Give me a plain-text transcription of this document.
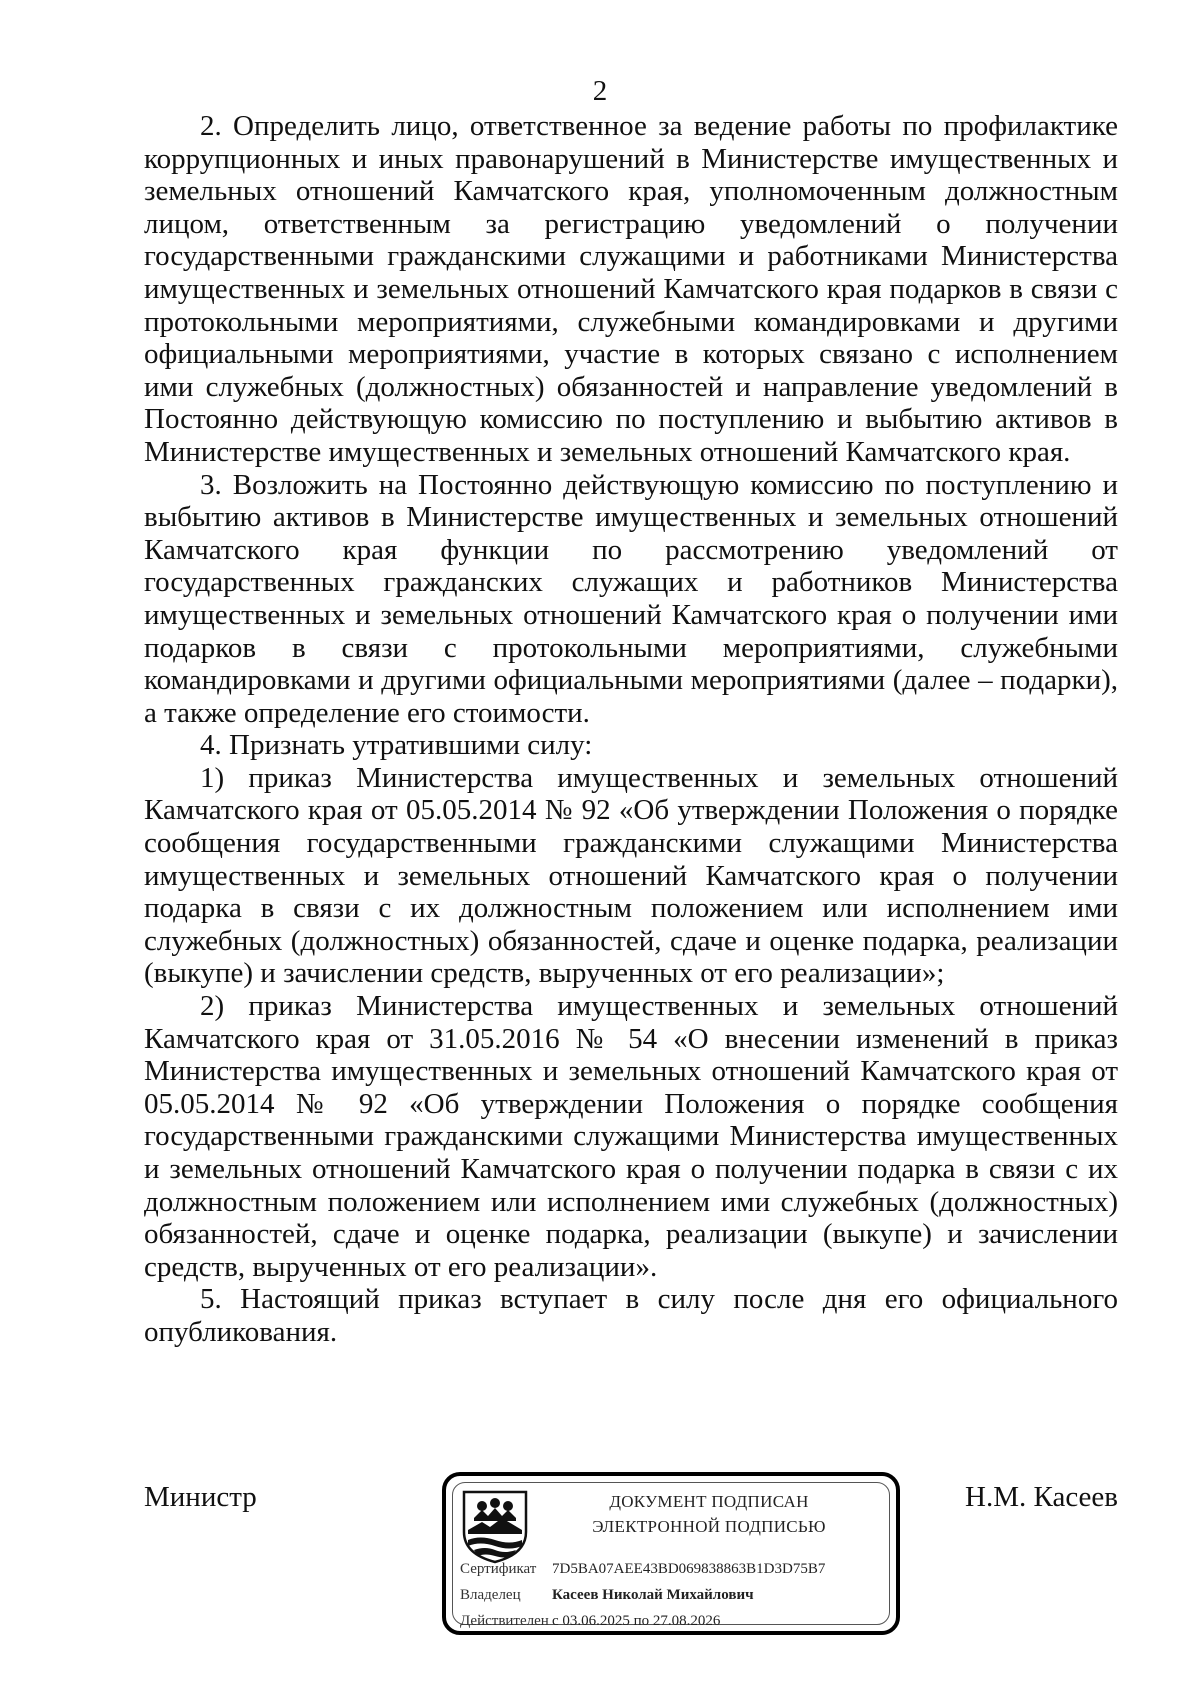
2

2. Определить лицо, ответственное за ведение работы по профилактике коррупционных и иных правонарушений в Министерстве имущественных и земельных отношений Камчатского края, уполномоченным должностным лицом, ответственным за регистрацию уведомлений о получении государственными гражданскими служащими и работниками Министерства имущественных и земельных отношений Камчатского края подарков в связи с протокольными мероприятиями, служебными командировками и другими официальными мероприятиями, участие в которых связано с исполнением ими служебных (должностных) обязанностей и направление уведомлений в Постоянно действующую комиссию по поступлению и выбытию активов в Министерстве имущественных и земельных отношений Камчатского края.

3. Возложить на Постоянно действующую комиссию по поступлению и выбытию активов в Министерстве имущественных и земельных отношений Камчатского края функции по рассмотрению уведомлений от государственных гражданских служащих и работников Министерства имущественных и земельных отношений Камчатского края о получении ими подарков в связи с протокольными мероприятиями, служебными командировками и другими официальными мероприятиями (далее – подарки), а также определение его стоимости.

4. Признать утратившими силу:

1) приказ Министерства имущественных и земельных отношений Камчатского края от 05.05.2014 № 92 «Об утверждении Положения о порядке сообщения государственными гражданскими служащими Министерства имущественных и земельных отношений Камчатского края о получении подарка в связи с их должностным положением или исполнением ими служебных (должностных) обязанностей, сдаче и оценке подарка, реализации (выкупе) и зачислении средств, вырученных от его реализации»;

2) приказ Министерства имущественных и земельных отношений Камчатского края от 31.05.2016 № 54 «О внесении изменений в приказ Министерства имущественных и земельных отношений Камчатского края от 05.05.2014 № 92 «Об утверждении Положения о порядке сообщения государственными гражданскими служащими Министерства имущественных и земельных отношений Камчатского края о получении подарка в связи с их должностным положением или исполнением ими служебных (должностных) обязанностей, сдаче и оценке подарка, реализации (выкупе) и зачислении средств, вырученных от его реализации».

5. Настоящий приказ вступает в силу после дня его официального опубликования.

Министр	ДОКУМЕНТ ПОДПИСАН
ЭЛЕКТРОННОЙ ПОДПИСЬЮ
Сертификат 7D5BA07AEE43BD069838863B1D3D75B7
Владелец Касеев Николай Михайлович
Действителен с 03.06.2025 по 27.08.2026
Н.М. Касеев
